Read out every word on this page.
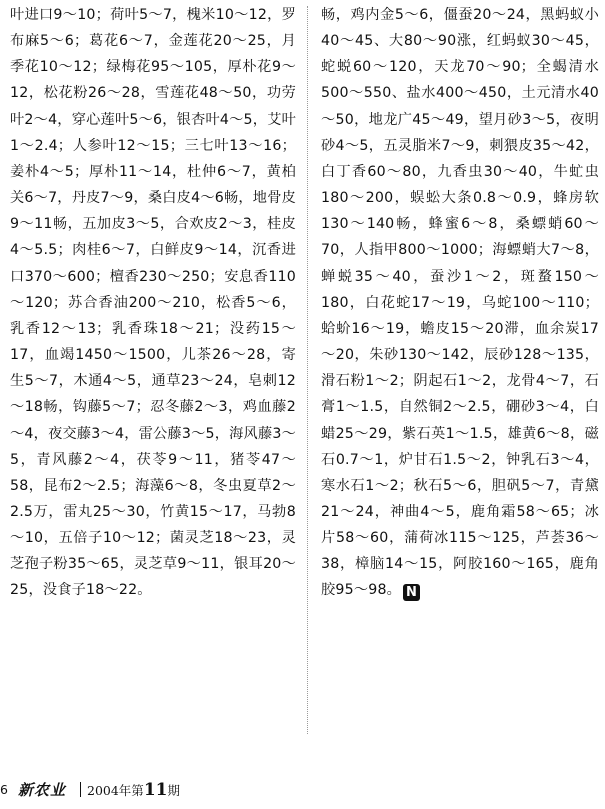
叶进口9～10；荷叶5～7，槐米10～12，罗布麻5～6；葛花6～7，金莲花20～25，月季花10～12；绿梅花95～105，厚朴花9～12，松花粉26～28，雪莲花48～50，功劳叶2～4，穿心莲叶5～6，银杏叶4～5，艾叶1～2.4；人参叶12～15；三七叶13～16；姜朴4～5；厚朴11～14，杜仲6～7，黄柏关6～7，丹皮7～9，桑白皮4～6畅，地骨皮9～11畅，五加皮3～5，合欢皮2～3，桂皮4～5.5；肉桂6～7，白鲜皮9～14，沉香进口370～600；檀香230～250；安息香110～120；苏合香油200～210，松香5～6，乳香12～13；乳香珠18～21；没药15～17，血竭1450～1500，儿茶26～28，寄生5～7，木通4～5，通草23～24，皂刺12～18畅，钩藤5～7；忍冬藤2～3，鸡血藤2～4，夜交藤3～4，雷公藤3～5，海风藤3～5，青风藤2～4，茯苓9～11，猪苓47～58，昆布2～2.5；海藻6～8，冬虫夏草2～2.5万，雷丸25～30，竹黄15～17，马勃8～10，五倍子10～12；菌灵芝18～23，灵芝孢子粉35～65，灵芝草9～11，银耳20～25，没食子18～22。
畅，鸡内金5～6，僵蚕20～24，黑蚂蚁小40～45、大80～90涨，红蚂蚁30～45，蛇蜕60～120，天龙70～90；全蝎清水500～550、盐水400～450，土元清水40～50，地龙广45～49，望月砂3～5，夜明砂4～5，五灵脂米7～9，刺猥皮35～42，白丁香60～80，九香虫30～40，牛虻虫180～200，蜈蚣大条0.8～0.9，蜂房软130～140畅，蜂蜜6～8，桑螵蛸60～70，人指甲800～1000；海螵蛸大7～8，蝉蜕35～40，蚕沙1～2，斑蝥150～180，白花蛇17～19，乌蛇100～110；蛤蚧16～19，蟾皮15～20滞，血余炭17～20，朱砂130～142，辰砂128～135，滑石粉1～2；阴起石1～2，龙骨4～7，石膏1～1.5，自然铜2～2.5，硼砂3～4，白蜡25～29，紫石英1～1.5，雄黄6～8，磁石0.7～1，炉甘石1.5～2，钟乳石3～4，寒水石1～2；秋石5～6，胆矾5～7，青黛21～24，神曲4～5，鹿角霜58～65；冰片58～60，蒲荷冰115～125，芦荟36～38，樟脑14～15，阿胶160～165，鹿角胶95～98。 N
6 新农业 2004年第11期
